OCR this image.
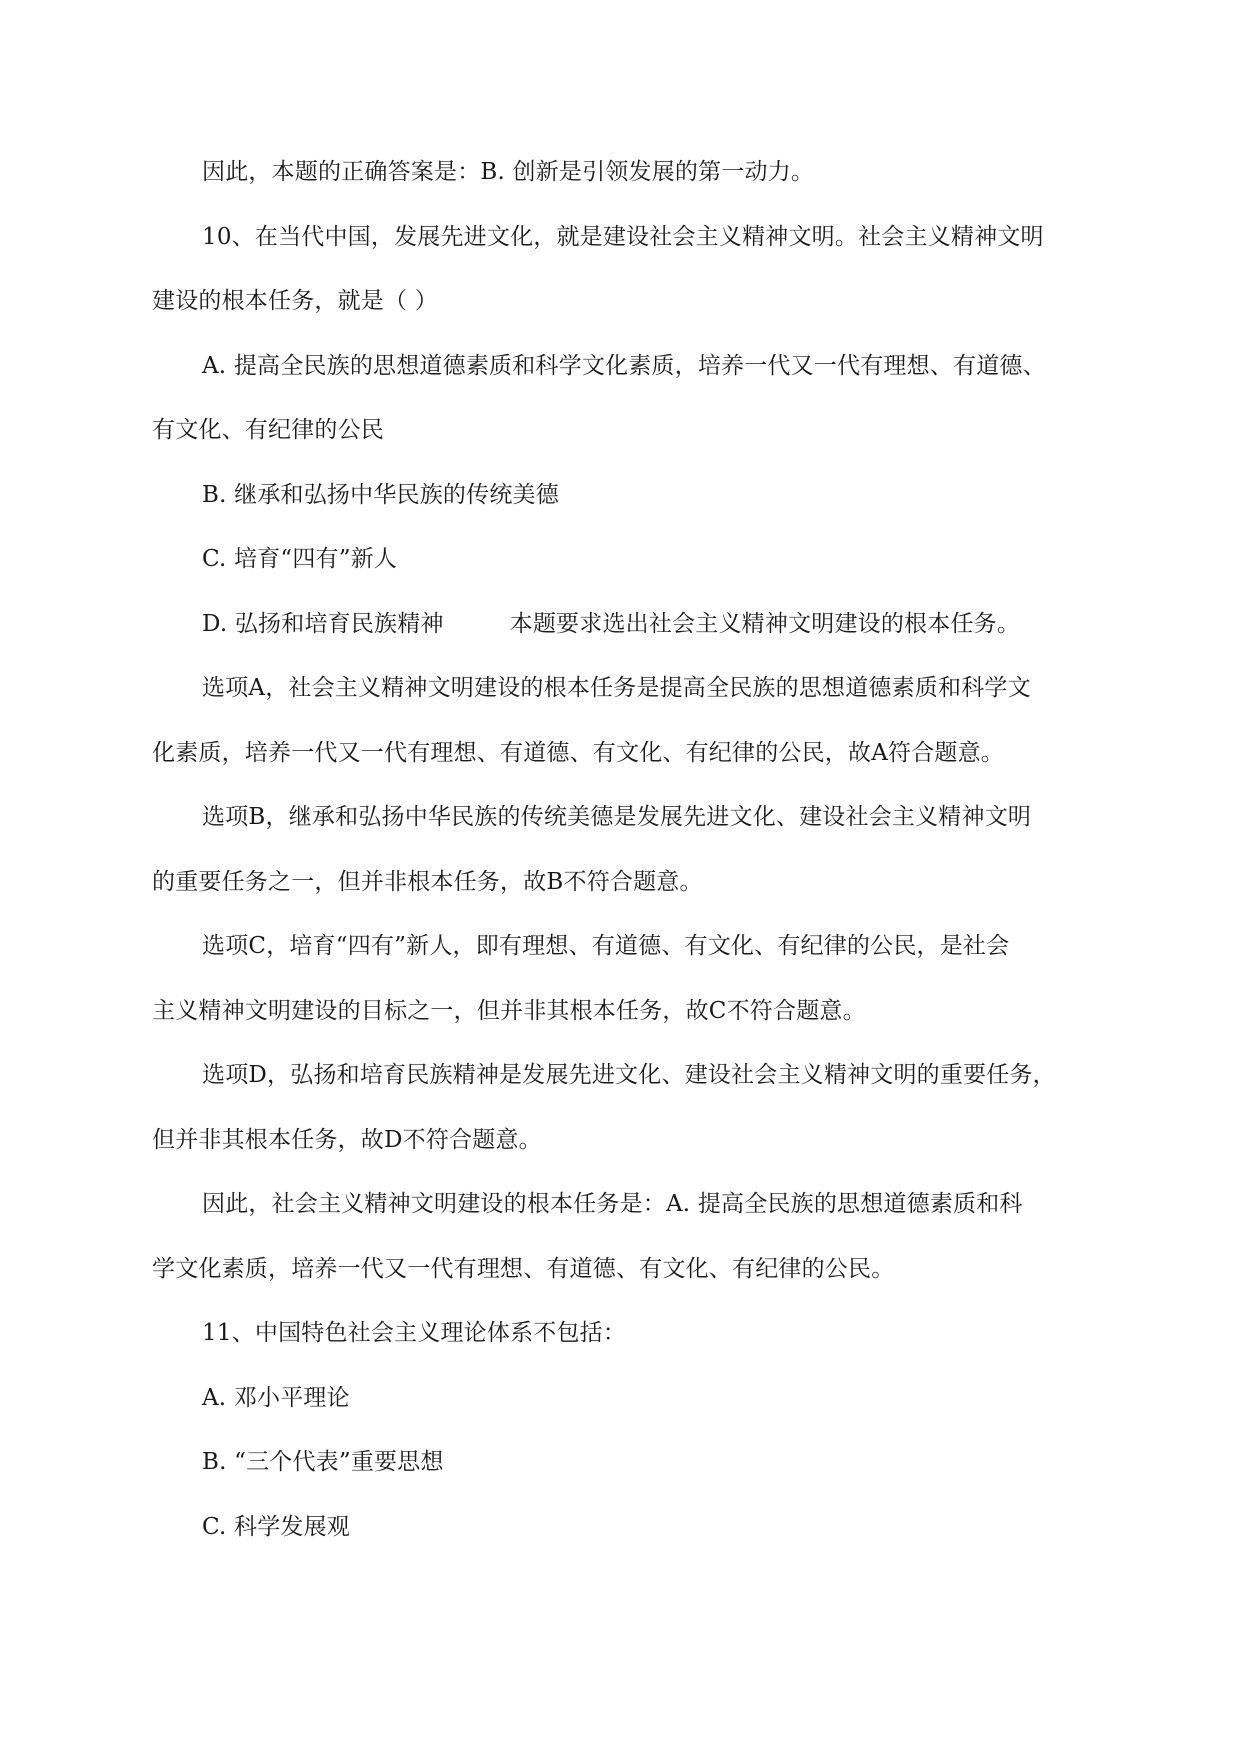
因此，本题的正确答案是：B. 创新是引领发展的第一动力。
10、在当代中国，发展先进文化，就是建设社会主义精神文明。社会主义精神文明
建设的根本任务，就是（ ）
A. 提高全民族的思想道德素质和科学文化素质，培养一代又一代有理想、有道德、
有文化、有纪律的公民
B. 继承和弘扬中华民族的传统美德
C. 培育“四有”新人
D. 弘扬和培育民族精神	本题要求选出社会主义精神文明建设的根本任务。
选项A，社会主义精神文明建设的根本任务是提高全民族的思想道德素质和科学文
化素质，培养一代又一代有理想、有道德、有文化、有纪律的公民，故A符合题意。
选项B，继承和弘扬中华民族的传统美德是发展先进文化、建设社会主义精神文明
的重要任务之一，但并非根本任务，故B不符合题意。
选项C，培育“四有”新人，即有理想、有道德、有文化、有纪律的公民，是社会
主义精神文明建设的目标之一，但并非其根本任务，故C不符合题意。
选项D，弘扬和培育民族精神是发展先进文化、建设社会主义精神文明的重要任务，
但并非其根本任务，故D不符合题意。
因此，社会主义精神文明建设的根本任务是：A. 提高全民族的思想道德素质和科
学文化素质，培养一代又一代有理想、有道德、有文化、有纪律的公民。
11、中国特色社会主义理论体系不包括：
A. 邓小平理论
B. “三个代表”重要思想
C. 科学发展观
